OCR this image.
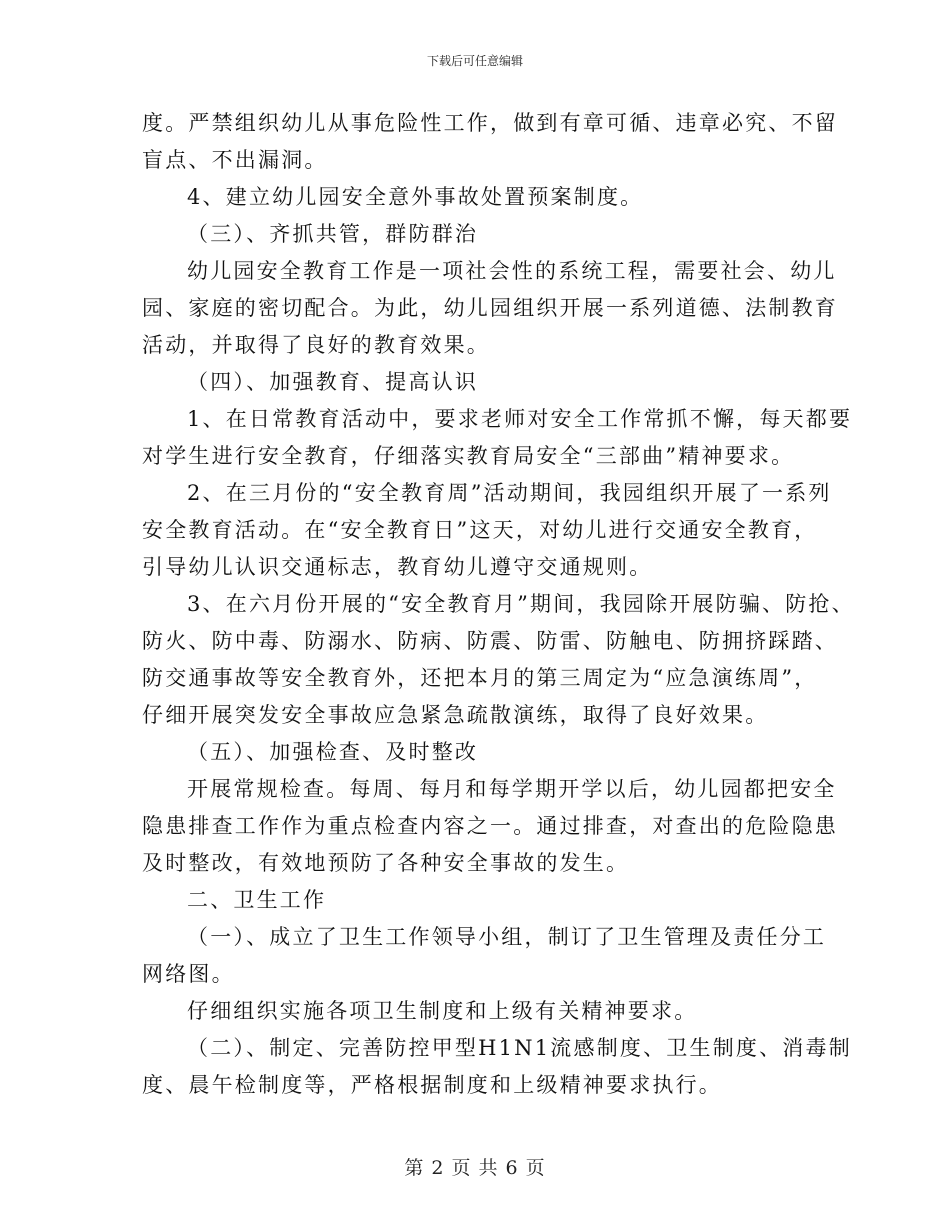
下载后可任意编辑
度。严禁组织幼儿从事危险性工作，做到有章可循、违章必究、不留
盲点、不出漏洞。
4、建立幼儿园安全意外事故处置预案制度。
（三）、齐抓共管，群防群治
幼儿园安全教育工作是一项社会性的系统工程，需要社会、幼儿
园、家庭的密切配合。为此，幼儿园组织开展一系列道德、法制教育
活动，并取得了良好的教育效果。
（四）、加强教育、提高认识
1、在日常教育活动中，要求老师对安全工作常抓不懈，每天都要
对学生进行安全教育，仔细落实教育局安全“三部曲”精神要求。
2、在三月份的“安全教育周”活动期间，我园组织开展了一系列
安全教育活动。在“安全教育日”这天，对幼儿进行交通安全教育，
引导幼儿认识交通标志，教育幼儿遵守交通规则。
3、在六月份开展的“安全教育月”期间，我园除开展防骗、防抢、
防火、防中毒、防溺水、防病、防震、防雷、防触电、防拥挤踩踏、
防交通事故等安全教育外，还把本月的第三周定为“应急演练周”，
仔细开展突发安全事故应急紧急疏散演练，取得了良好效果。
（五）、加强检查、及时整改
开展常规检查。每周、每月和每学期开学以后，幼儿园都把安全
隐患排查工作作为重点检查内容之一。通过排查，对查出的危险隐患
及时整改，有效地预防了各种安全事故的发生。
二、卫生工作
（一）、成立了卫生工作领导小组，制订了卫生管理及责任分工
网络图。
仔细组织实施各项卫生制度和上级有关精神要求。
（二）、制定、完善防控甲型H1N1流感制度、卫生制度、消毒制
度、晨午检制度等，严格根据制度和上级精神要求执行。
第 2 页 共 6 页
